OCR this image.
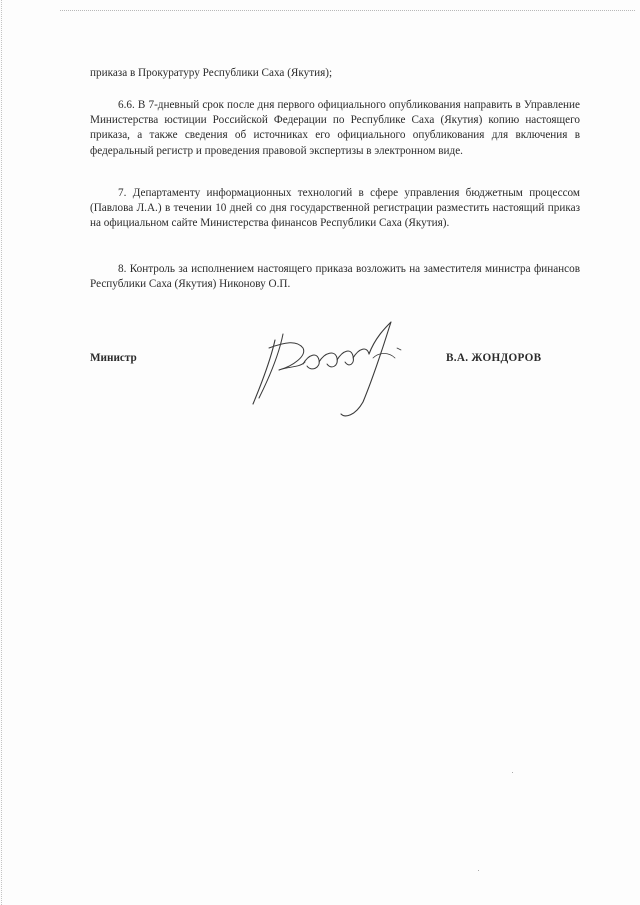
приказа в Прокуратуру Республики Саха (Якутия);

6.6. В 7-дневный срок после дня первого официального опубликования направить в Управление Министерства юстиции Российской Федерации по Республике Саха (Якутия) копию настоящего приказа, а также сведения об источниках его официального опубликования для включения в федеральный регистр и проведения правовой экспертизы в электронном виде.

7. Департаменту информационных технологий в сфере управления бюджетным процессом (Павлова Л.А.) в течении 10 дней со дня государственной регистрации разместить настоящий приказ на официальном сайте Министерства финансов Республики Саха (Якутия).

8. Контроль за исполнением настоящего приказа возложить на заместителя министра финансов Республики Саха (Якутия) Никонову О.П.

Министр	В.А. ЖОНДОРОВ
